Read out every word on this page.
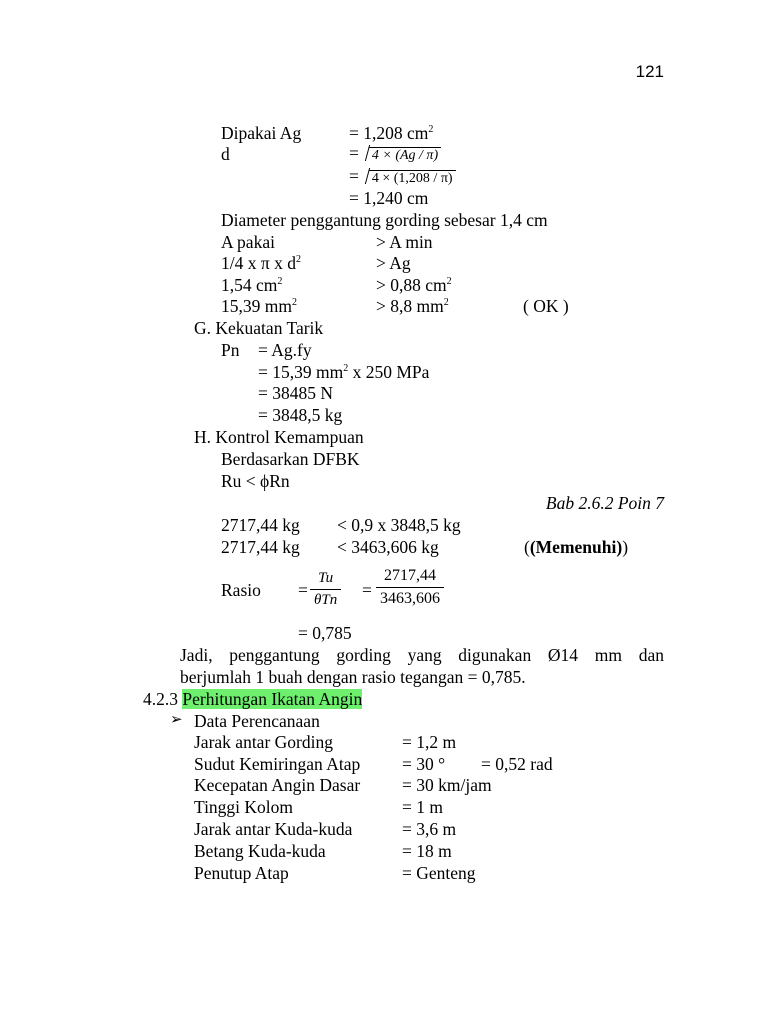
121
Dipakai Ag	= 1,208 $cm^2$
d	= 4 × (Ag / π)
= 4 × (1,208 / π)
= 1,240 cm
Diameter penggantung gording sebesar 1,4 cm
A pakai	> A min
1/4 x π x $d^2$	> Ag
1,54 $cm^2$	> 0,88 $cm^2$
15,39 $mm^2$	> 8,8 $mm^2$	( OK )
G. Kekuatan Tarik
Pn = Ag.fy
= 15,39 $mm^2$ x 250 MPa
= 38485 N
= 3848,5 kg
H. Kontrol Kemampuan
Berdasarkan DFBK
Ru < ϕRn
Bab 2.6.2 Poin 7
2717,44 kg < 0,9 x 3848,5 kg
2717,44 kg < 3463,606 kg	((Memenuhi))
Rasio =
Tu
$\theta Tn = \frac{2717,44}{3463,606}$
= 0,785
Jadi, penggantung gording yang digunakan Ø14 mm dan
berjumlah 1 buah dengan rasio tegangan = 0,785.
4.2.3 Perhitungan Ikatan Angin
➢ Data Perencanaan
Jarak antar Gording	= 1,2 m
Sudut Kemiringan Atap = 30 ° = 0,52 rad
Kecepatan Angin Dasar = 30 km/jam
Tinggi Kolom	= 1 m
Jarak antar Kuda-kuda	= 3,6 m
Betang Kuda-kuda	= 18 m
Penutup Atap	= Genteng
